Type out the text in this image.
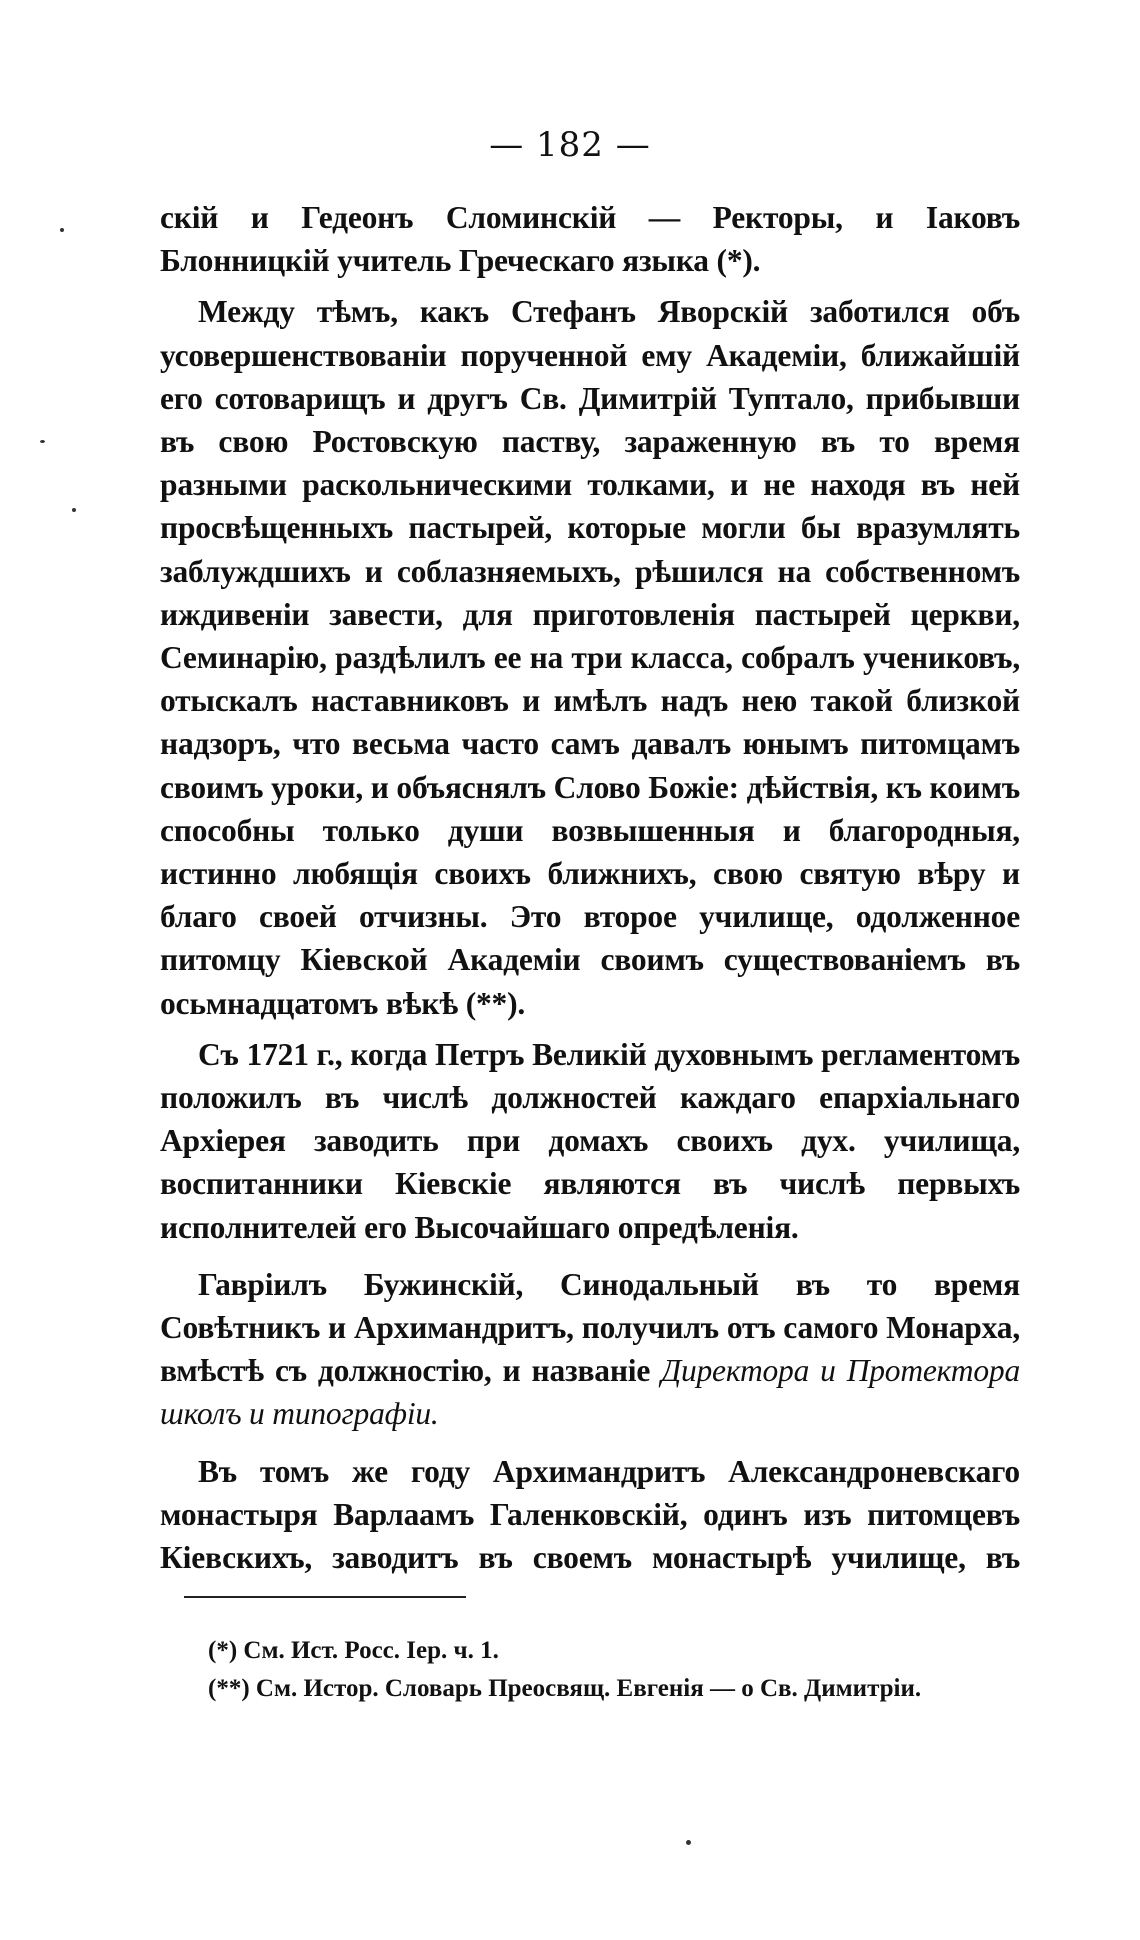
— 182 —

скій и Гедеонъ Сломинскій — Ректоры, и Іаковъ Блонницкій учитель Греческаго языка (*).

Между тѣмъ, какъ Стефанъ Яворскій заботился объ усовершенствованіи порученной ему Академіи, ближайшій его сотоварищъ и другъ Св. Димитрій Туптало, прибывши въ свою Ростовскую паству, зараженную въ то время разными раскольническими толками, и не находя въ ней просвѣщенныхъ пастырей, которые могли бы вразумлять заблуждшихъ и соблазняемыхъ, рѣшился на собственномъ иждивеніи завести, для приготовленія пастырей церкви, Семинарію, раздѣлилъ ее на три класса, собралъ учениковъ, отыскалъ наставниковъ и имѣлъ надъ нею такой близкой надзоръ, что весьма часто самъ давалъ юнымъ питомцамъ своимъ уроки, и объяснялъ Слово Божіе: дѣйствія, къ коимъ способны только души возвышенныя и благородныя, истинно любящія своихъ ближнихъ, свою святую вѣру и благо своей отчизны. Это второе училище, одолженное питомцу Кіевской Академіи своимъ существованіемъ въ осьмнадцатомъ вѣкѣ (**).

Съ 1721 г., когда Петръ Великій духовнымъ регламентомъ положилъ въ числѣ должностей каждаго епархіальнаго Архіерея заводить при домахъ своихъ дух. училища, воспитанники Кіевскіе являются въ числѣ первыхъ исполнителей его Высочайшаго опредѣленія.

Гавріилъ Бужинскій, Синодальный въ то время Совѣтникъ и Архимандритъ, получилъ отъ самого Монарха, вмѣстѣ съ должностію, и названіе Директора и Протектора школъ и типографіи.

Въ томъ же году Архимандритъ Александроневскаго монастыря Варлаамъ Галенковскій, одинъ изъ питомцевъ Кіевскихъ, заводитъ въ своемъ монастырѣ училище, въ

(*) См. Ист. Росс. Іер. ч. 1.

(**) См. Истор. Словарь Преосвящ. Евгенія — о Св. Димитріи.
